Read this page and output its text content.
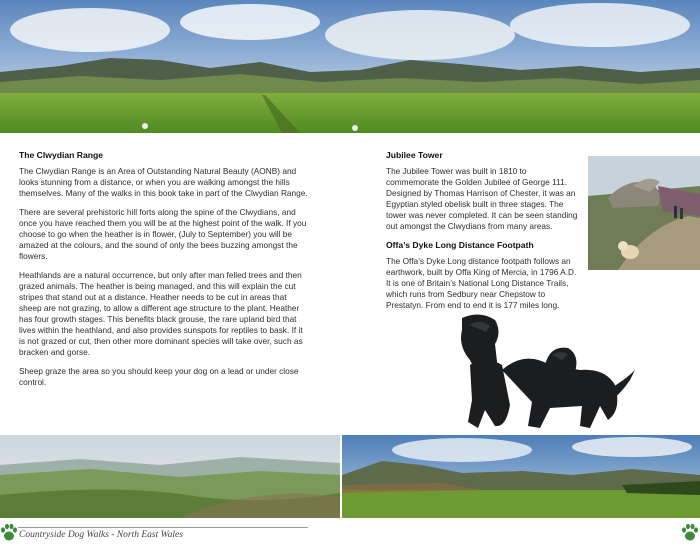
The Clwydian Range

The Clwydian Range is an Area of Outstanding Natural Beauty (AONB) and looks stunning from a distance, or when you are walking amongst the hills themselves. Many of the walks in this book take in part of the Clwydian Range.

There are several prehistoric hill forts along the spine of the Clwydians, and once you have reached them you will be at the highest point of the walk. If you choose to go when the heather is in flower, (July to September) you will be amazed at the colours, and the sound of only the bees buzzing amongst the flowers.

Heathlands are a natural occurrence, but only after man felled trees and then grazed animals. The heather is being managed, and this will explain the cut stripes that stand out at a distance. Heather needs to be cut in areas that sheep are not grazing, to allow a different age structure to the plant. Heather has four growth stages. This benefits black grouse, the rare upland bird that lives within the heathland, and also provides sunspots for reptiles to bask. If it is not grazed or cut, then other more dominant species will take over, such as bracken and gorse.

Sheep graze the area so you should keep your dog on a lead or under close control.

Jubilee Tower

The Jubilee Tower was built in 1810 to commemorate the Golden Jubilee of George 111. Designed by Thomas Harrison of Chester, it was an Egyptian styled obelisk built in three stages. The tower was never completed. It can be seen standing out amongst the Clwydians from many areas.

Offa’s Dyke Long Distance Footpath

The Offa’s Dyke Long distance footpath follows an earthwork, built by Offa King of Mercia, in 1796 A.D. It is one of Britain’s National Long Distance Trails, which runs from Sedbury near Chepstow to Prestatyn. From end to end it is 177 miles long.

Countryside Dog Walks - North East Wales
